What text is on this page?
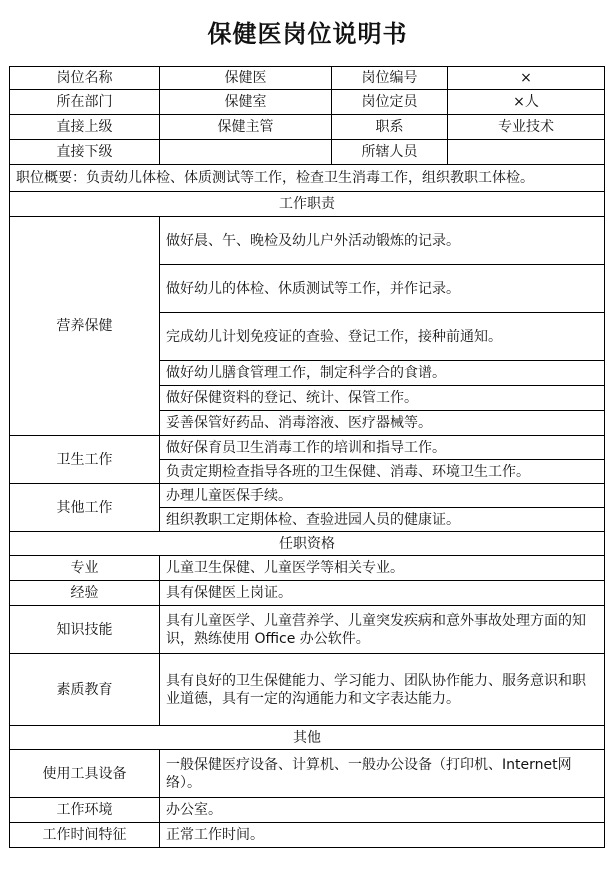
保健医岗位说明书
岗位名称	保健医	岗位编号	×
所在部门	保健室	岗位定员	×人
直接上级	保健主管	职系	专业技术
直接下级		所辖人员	
职位概要：负责幼儿体检、体质测试等工作，检查卫生消毒工作，组织教职工体检。			
工作职责			
营养保健	做好晨、午、晚检及幼儿户外活动锻炼的记录。		
	做好幼儿的体检、休质测试等工作，并作记录。		
	完成幼儿计划免疫证的查验、登记工作，接种前通知。		
	做好幼儿膳食管理工作，制定科学合的食谱。		
	做好保健资料的登记、统计、保管工作。		
	妥善保管好药品、消毒溶液、医疗器械等。		
卫生工作	做好保育员卫生消毒工作的培训和指导工作。		
	负责定期检查指导各班的卫生保健、消毒、环境卫生工作。		
其他工作	办理儿童医保手续。		
	组织教职工定期体检、查验进园人员的健康证。		
任职资格			
专业	儿童卫生保健、儿童医学等相关专业。		
经验	具有保健医上岗证。		
知识技能	具有儿童医学、儿童营养学、儿童突发疾病和意外事故处理方面的知识，熟练使用 Office 办公软件。		
素质教育	具有良好的卫生保健能力、学习能力、团队协作能力、服务意识和职业道德，具有一定的沟通能力和文字表达能力。		
其他			
使用工具设备	一般保健医疗设备、计算机、一般办公设备（打印机、Internet网络）。		
工作环境	办公室。		
工作时间特征	正常工作时间。		
